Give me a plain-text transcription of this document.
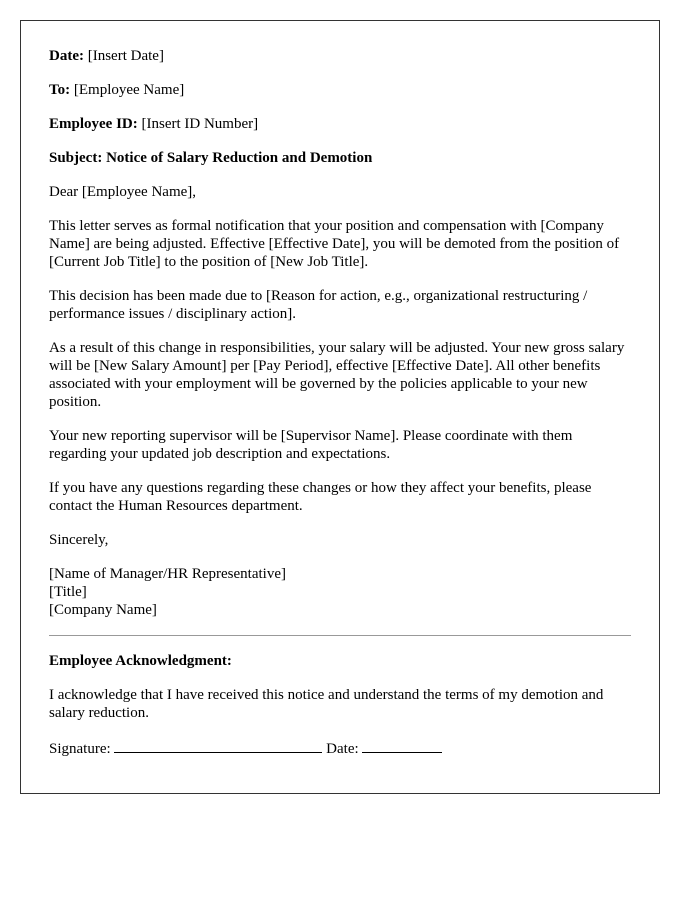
Date: [Insert Date]

To: [Employee Name]

Employee ID: [Insert ID Number]

Subject: Notice of Salary Reduction and Demotion

Dear [Employee Name],

This letter serves as formal notification that your position and compensation with [Company Name] are being adjusted. Effective [Effective Date], you will be demoted from the position of [Current Job Title] to the position of [New Job Title].

This decision has been made due to [Reason for action, e.g., organizational restructuring / performance issues / disciplinary action].

As a result of this change in responsibilities, your salary will be adjusted. Your new gross salary will be [New Salary Amount] per [Pay Period], effective [Effective Date]. All other benefits associated with your employment will be governed by the policies applicable to your new position.

Your new reporting supervisor will be [Supervisor Name]. Please coordinate with them regarding your updated job description and expectations.

If you have any questions regarding these changes or how they affect your benefits, please contact the Human Resources department.

Sincerely,

[Name of Manager/HR Representative]
[Title]
[Company Name]

Employee Acknowledgment:

I acknowledge that I have received this notice and understand the terms of my demotion and salary reduction.

Signature:	Date:
